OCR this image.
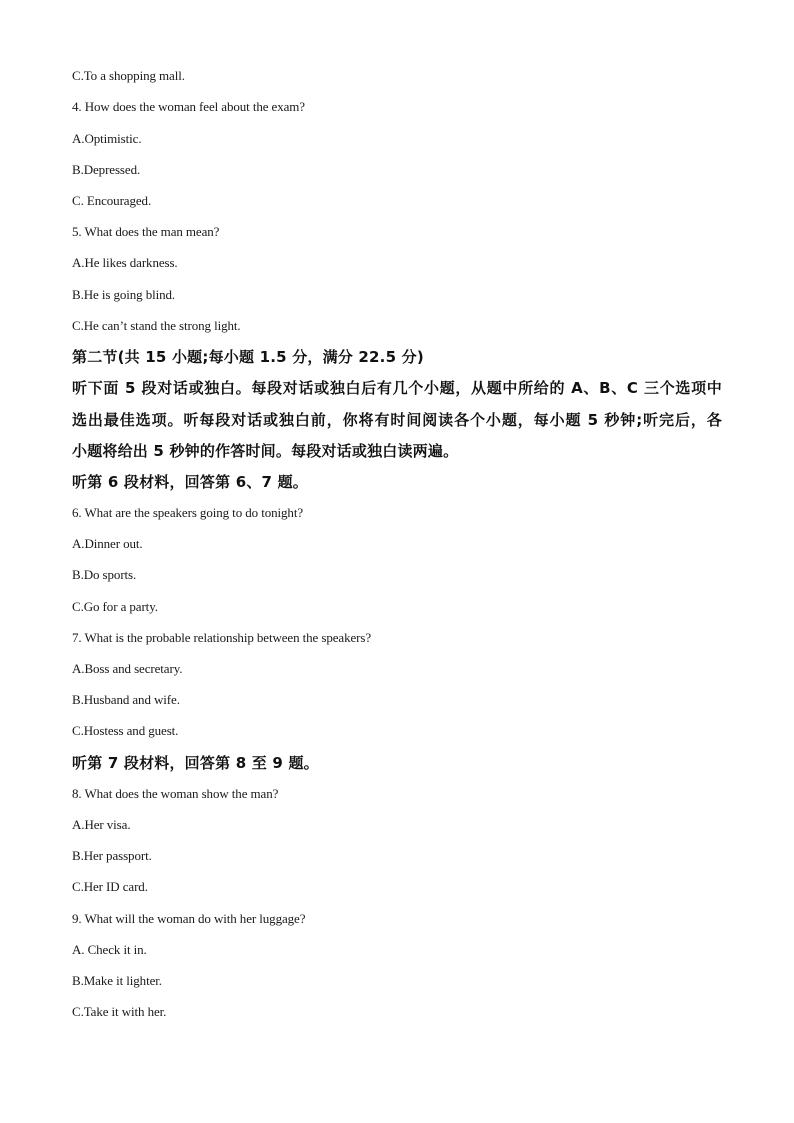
C.To a shopping mall.
4. How does the woman feel about the exam?
A.Optimistic.
B.Depressed.
C. Encouraged.
5. What does the man mean?
A.He likes darkness.
B.He is going blind.
C.He can’t stand the strong light.
第二节(共 15 小题;每小题 1.5 分，满分 22.5 分)
听下面 5 段对话或独白。每段对话或独白后有几个小题，从题中所给的 A、B、C 三个选项中
选出最佳选项。听每段对话或独白前，你将有时间阅读各个小题，每小题 5 秒钟;听完后，各
小题将给出 5 秒钟的作答时间。每段对话或独白读两遍。
听第 6 段材料，回答第 6、7 题。
6. What are the speakers going to do tonight?
A.Dinner out.
B.Do sports.
C.Go for a party.
7. What is the probable relationship between the speakers?
A.Boss and secretary.
B.Husband and wife.
C.Hostess and guest.
听第 7 段材料，回答第 8 至 9 题。
8. What does the woman show the man?
A.Her visa.
B.Her passport.
C.Her ID card.
9. What will the woman do with her luggage?
A. Check it in.
B.Make it lighter.
C.Take it with her.
